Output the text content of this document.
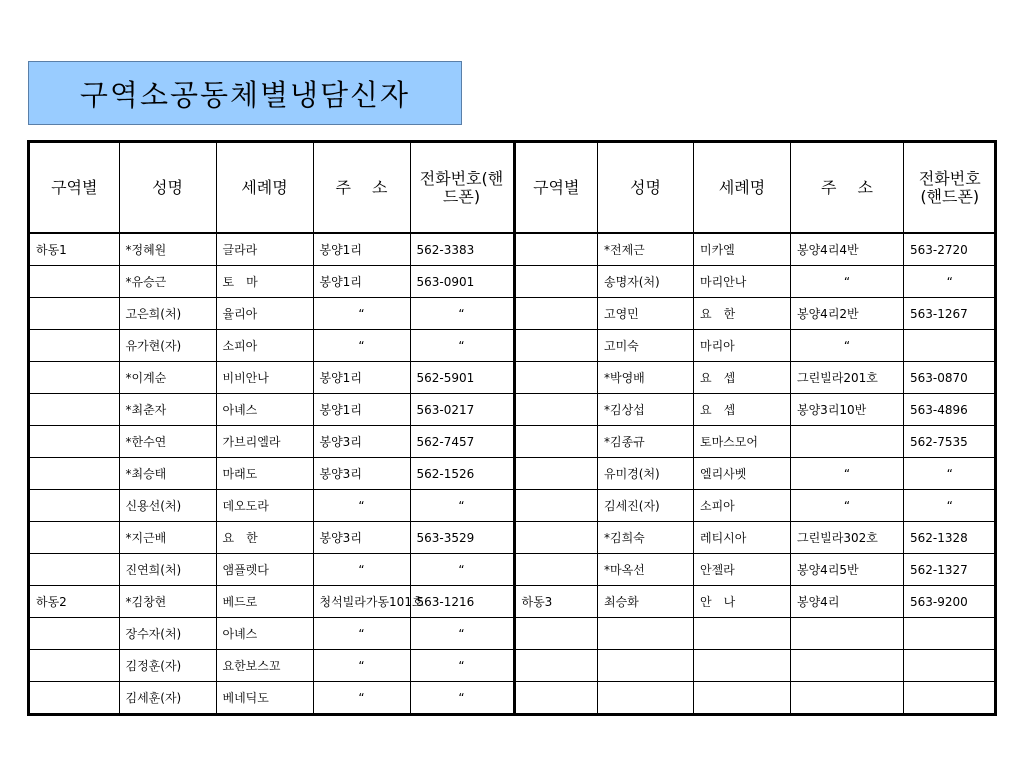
구역소공동체별냉담신자
구역별	성명	세례명	주　 소	전화번호(핸드폰)
하동1	*정혜원	글라라	봉양1리	562-3383
	*유승근	토　마	봉양1리	563-0901
	고은희(처)	율리아	“	“
	유가현(자)	소피아	“	“
	*이계순	비비안나	봉양1리	562-5901
	*최춘자	아녜스	봉양1리	563-0217
	*한수연	가브리엘라	봉양3리	562-7457
	*최승태	마래도	봉양3리	562-1526
	신용선(처)	데오도라	“	“
	*지근배	요　한	봉양3리	563-3529
	진연희(처)	앰플렛다	“	“
하동2	*김창현	베드로	청석빌라가동101호	563-1216
	장수자(처)	아녜스	“	“
	김정훈(자)	요한보스꼬	“	“
	김세훈(자)	베네딕도	“	“
구역별	성명	세례명	주　 소	전화번호(핸드폰)
	*전제근	미카엘	봉양4리4반	563-2720
	송명자(처)	마리안나	“	“
	고영민	요　한	봉양4리2반	563-1267
	고미숙	마리아	“	
	*박영배	요　셉	그린빌라201호	563-0870
	*김상섭	요　셉	봉양3리10반	563-4896
	*김종규	토마스모어		562-7535
	유미경(처)	엘리사벳	“	“
	김세진(자)	소피아	“	“
	*김희숙	레티시아	그린빌라302호	562-1328
	*마옥선	안젤라	봉양4리5반	562-1327
하동3	최승화	안　나	봉양4리	563-9200
